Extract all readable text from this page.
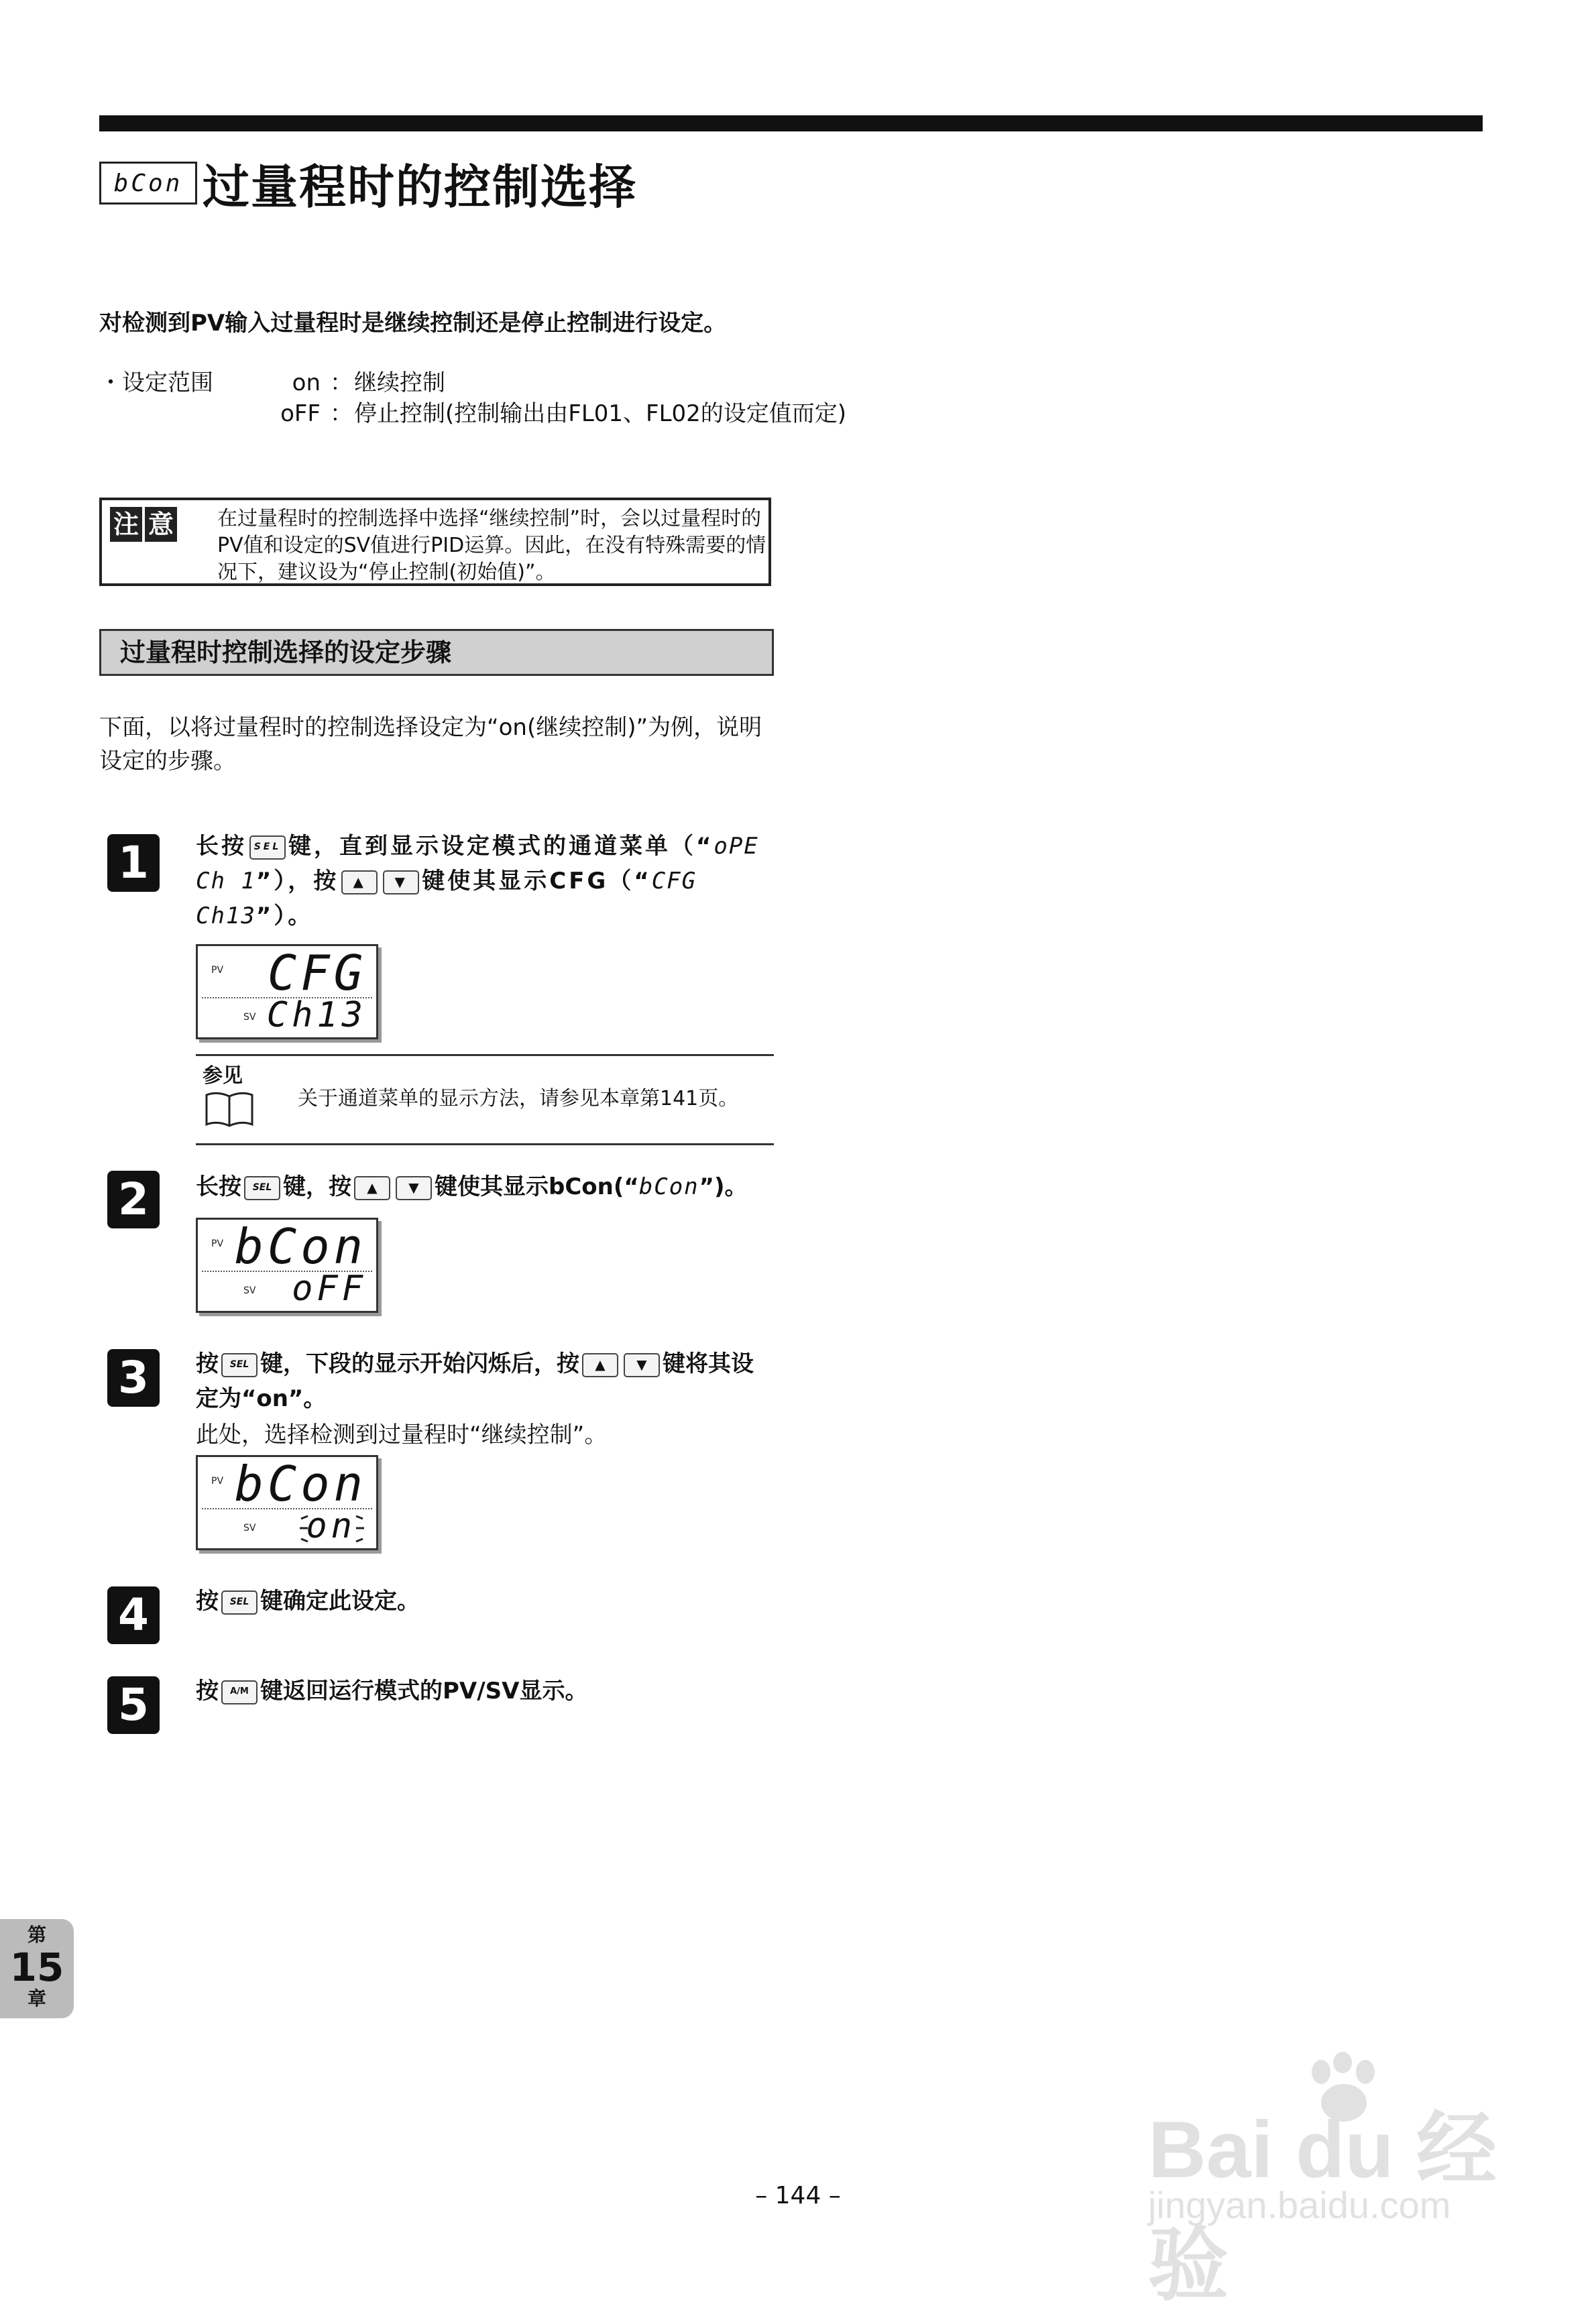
bCon 过量程时的控制选择
对检测到PV输入过量程时是继续控制还是停止控制进行设定。
・设定范围	on ： 继续控制
oFF ： 停止控制(控制输出由FL01、FL02的设定值而定)
注 意 在过量程时的控制选择中选择“继续控制”时，会以过量程时的PV值和设定的SV值进行PID运算。因此，在没有特殊需要的情况下，建议设为“停止控制(初始值)”。
过量程时控制选择的设定步骤
下面，以将过量程时的控制选择设定为“on(继续控制)”为例，说明设定的步骤。
1	长按 SEL 键，直到显示设定模式的通道菜单（“oPE Ch 1”），按 ▲ ▼ 键使其显示CFG（“CFG Ch13”）。
PV CFG
SV Ch13
参见
关于通道菜单的显示方法，请参见本章第141页。
2	长按 SEL 键，按 ▲ ▼ 键使其显示bCon(“bCon”)。
PV bCon
SV oFF
3	按 SEL 键，下段的显示开始闪烁后，按 ▲ ▼ 键将其设定为“on”。
此处，选择检测到过量程时“继续控制”。
PV bCon
SV on
4	按 SEL 键确定此设定。
5	按 A/M 键返回运行模式的PV/SV显示。
第
15
章
– 144 –
Bai du 经验
jingyan.baidu.com
